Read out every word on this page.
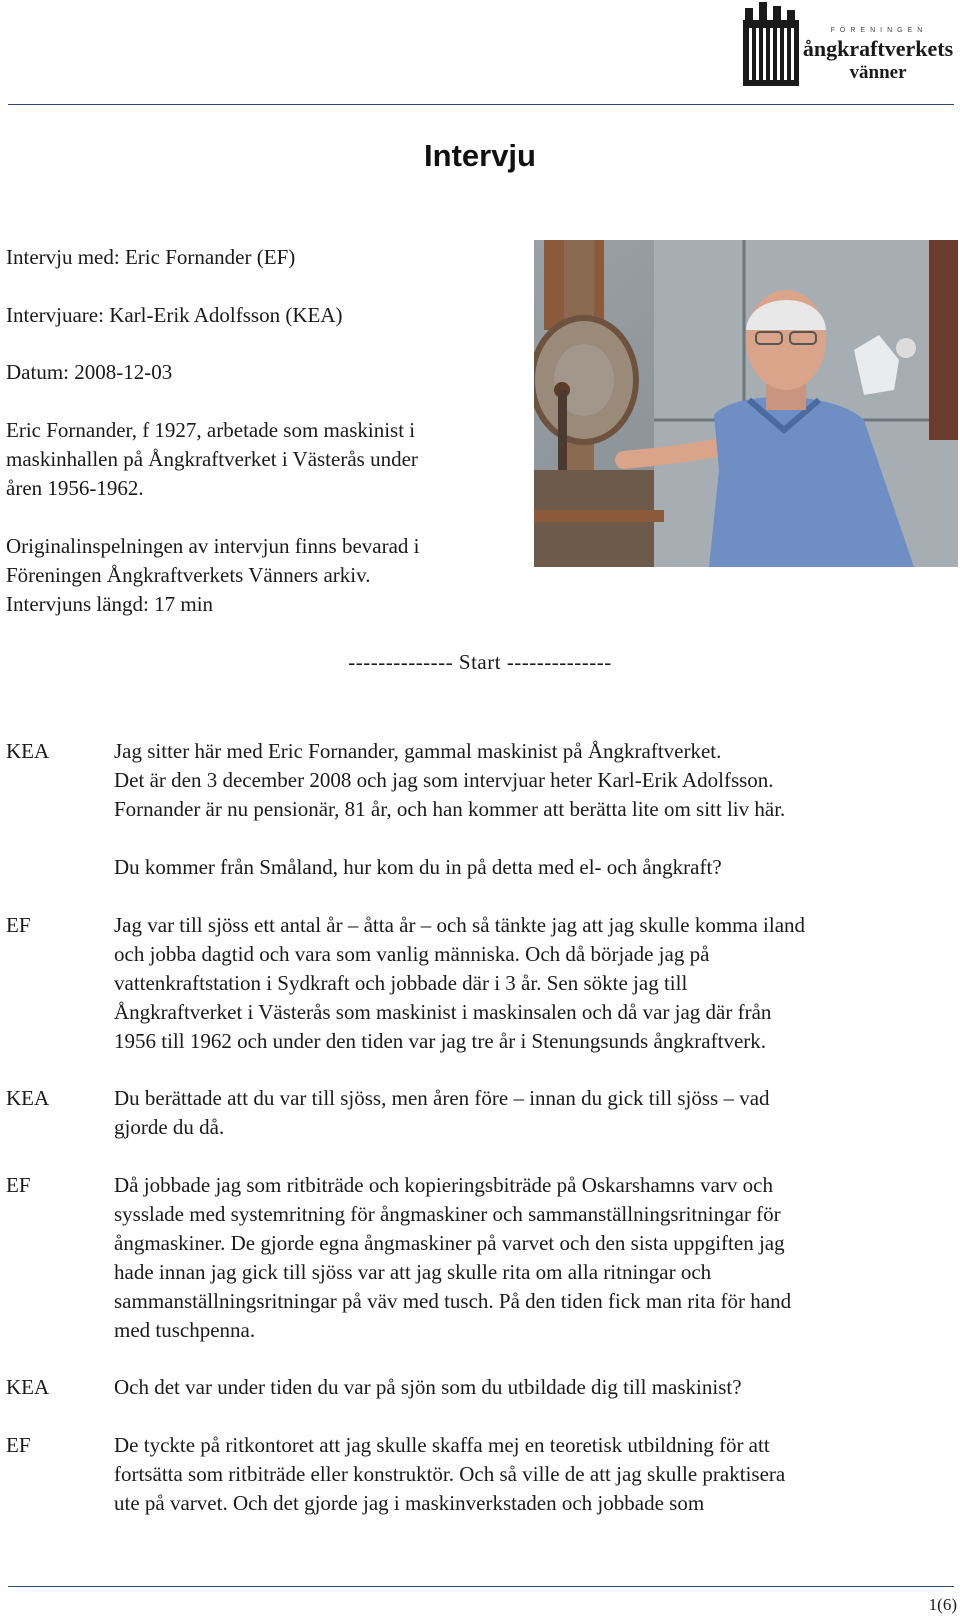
FÖRENINGEN
ångkraftverkets
vänner
Intervju
Intervju med: Eric Fornander (EF)
Intervjuare: Karl-Erik Adolfsson (KEA)
Datum: 2008-12-03
Eric Fornander, f 1927, arbetade som maskinist i
maskinhallen på Ångkraftverket i Västerås under
åren 1956-1962.
Originalinspelningen av intervjun finns bevarad i
Föreningen Ångkraftverkets Vänners arkiv.
Intervjuns längd: 17 min
-------------- Start --------------
KEA	Jag sitter här med Eric Fornander, gammal maskinist på Ångkraftverket.
Det är den 3 december 2008 och jag som intervjuar heter Karl-Erik Adolfsson.
Fornander är nu pensionär, 81 år, och han kommer att berätta lite om sitt liv här.

Du kommer från Småland, hur kom du in på detta med el- och ångkraft?

EF	Jag var till sjöss ett antal år – åtta år – och så tänkte jag att jag skulle komma iland
och jobba dagtid och vara som vanlig människa. Och då började jag på
vattenkraftstation i Sydkraft och jobbade där i 3 år. Sen sökte jag till
Ångkraftverket i Västerås som maskinist i maskinsalen och då var jag där från
1956 till 1962 och under den tiden var jag tre år i Stenungsunds ångkraftverk.

KEA	Du berättade att du var till sjöss, men åren före – innan du gick till sjöss – vad
gjorde du då.

EF	Då jobbade jag som ritbiträde och kopieringsbiträde på Oskarshamns varv och
sysslade med systemritning för ångmaskiner och sammanställningsritningar för
ångmaskiner. De gjorde egna ångmaskiner på varvet och den sista uppgiften jag
hade innan jag gick till sjöss var att jag skulle rita om alla ritningar och
sammanställningsritningar på väv med tusch. På den tiden fick man rita för hand
med tuschpenna.

KEA	Och det var under tiden du var på sjön som du utbildade dig till maskinist?

EF	De tyckte på ritkontoret att jag skulle skaffa mej en teoretisk utbildning för att
fortsätta som ritbiträde eller konstruktör. Och så ville de att jag skulle praktisera
ute på varvet. Och det gjorde jag i maskinverkstaden och jobbade som

1(6)
